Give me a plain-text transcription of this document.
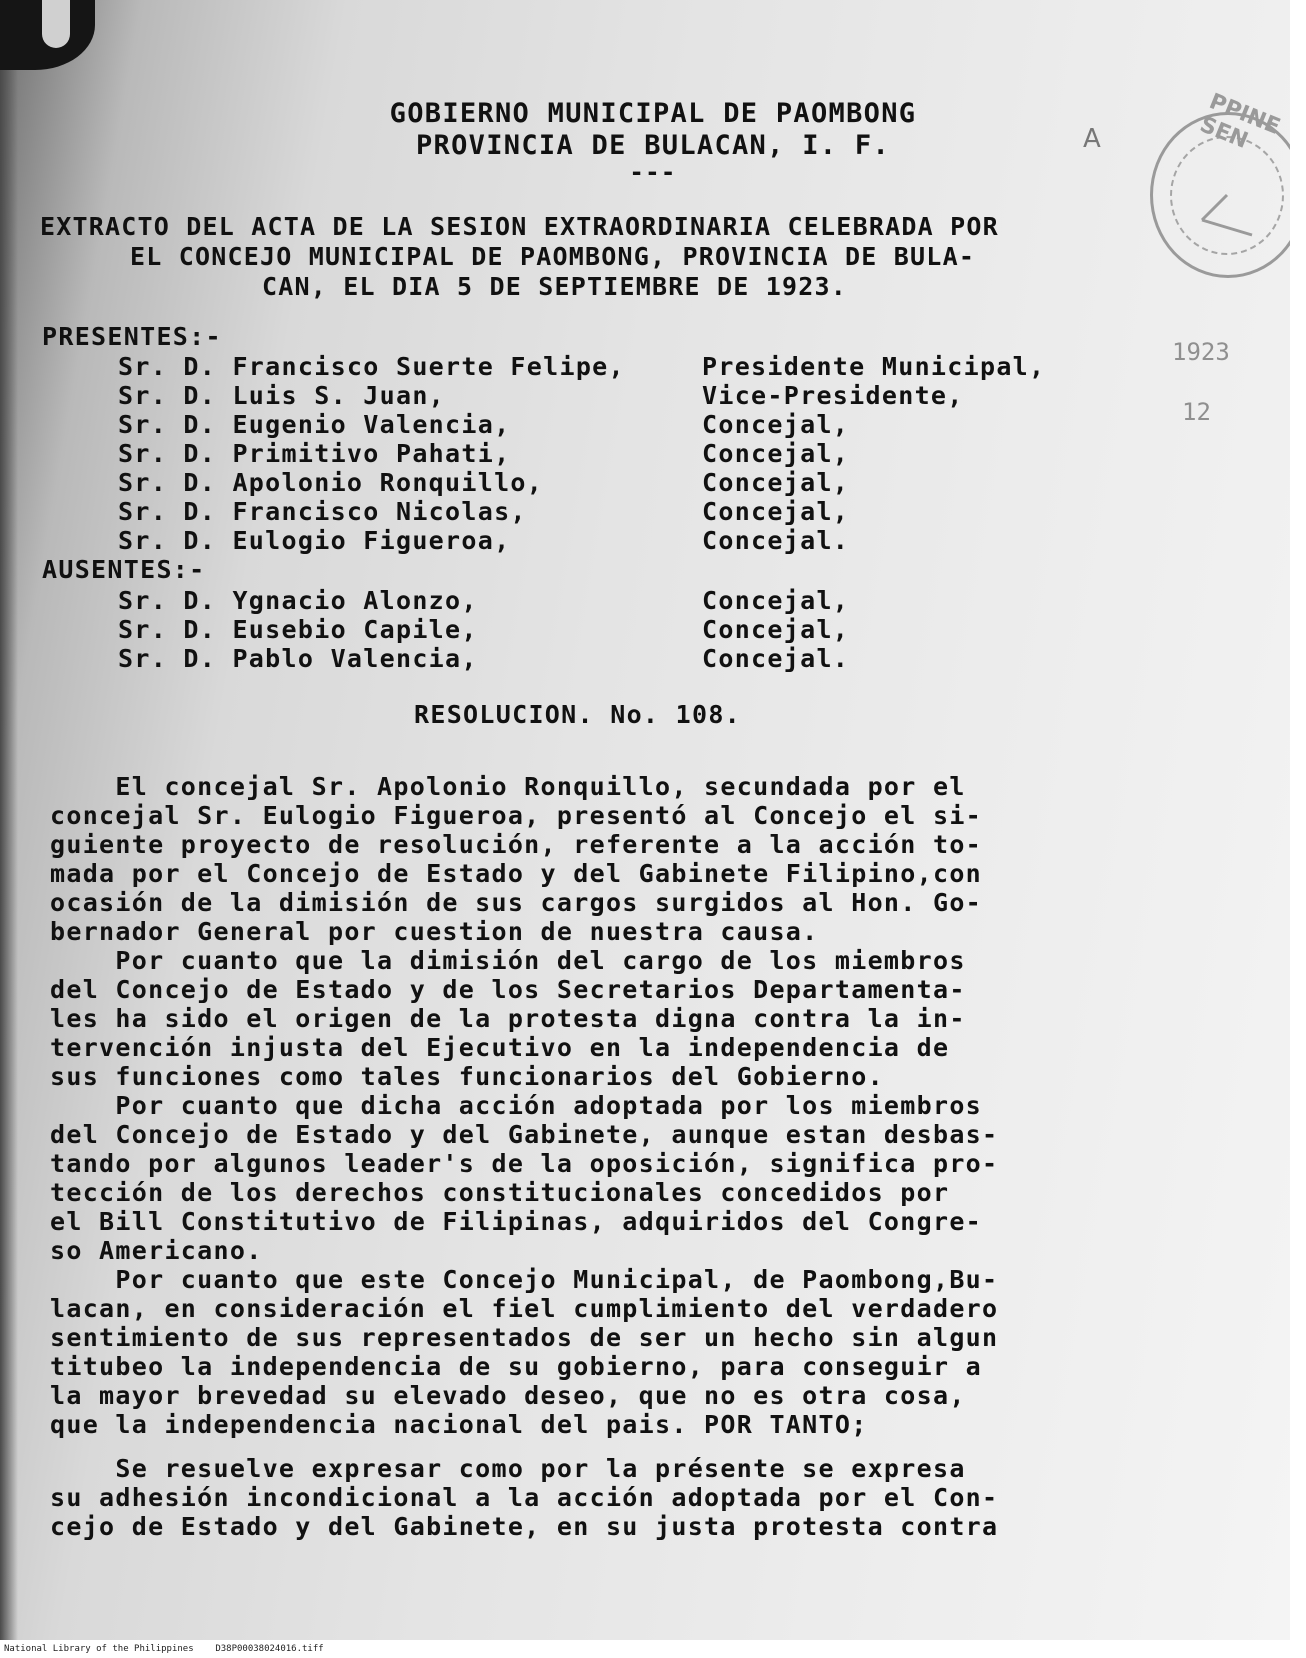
GOBIERNO MUNICIPAL DE PAOMBONG
PROVINCIA DE BULACAN, I. F.
---
EXTRACTO DEL ACTA DE LA SESION EXTRAORDINARIA CELEBRADA POR
EL CONCEJO MUNICIPAL DE PAOMBONG, PROVINCIA DE BULA-
CAN, EL DIA 5 DE SEPTIEMBRE DE 1923.
PRESENTES:-
Sr. D. Francisco Suerte Felipe,	Presidente Municipal,
Sr. D. Luis S. Juan,	Vice-Presidente,
Sr. D. Eugenio Valencia,	Concejal,
Sr. D. Primitivo Pahati,	Concejal,
Sr. D. Apolonio Ronquillo,	Concejal,
Sr. D. Francisco Nicolas,	Concejal,
Sr. D. Eulogio Figueroa,	Concejal.
AUSENTES:-
Sr. D. Ygnacio Alonzo,	Concejal,
Sr. D. Eusebio Capile,	Concejal,
Sr. D. Pablo Valencia,	Concejal.
RESOLUCION. No. 108.
El concejal Sr. Apolonio Ronquillo, secundada por el
concejal Sr. Eulogio Figueroa, presentó al Concejo el si-
guiente proyecto de resolución, referente a la acción to-
mada por el Concejo de Estado y del Gabinete Filipino,con
ocasión de la dimisión de sus cargos surgidos al Hon. Go-
bernador General por cuestion de nuestra causa.
Por cuanto que la dimisión del cargo de los miembros
del Concejo de Estado y de los Secretarios Departamenta-
les ha sido el origen de la protesta digna contra la in-
tervención injusta del Ejecutivo en la independencia de
sus funciones como tales funcionarios del Gobierno.
Por cuanto que dicha acción adoptada por los miembros
del Concejo de Estado y del Gabinete, aunque estan desbas-
tando por algunos leader's de la oposición, significa pro-
tección de los derechos constitucionales concedidos por
el Bill Constitutivo de Filipinas, adquiridos del Congre-
so Americano.
Por cuanto que este Concejo Municipal, de Paombong,Bu-
lacan, en consideración el fiel cumplimiento del verdadero
sentimiento de sus representados de ser un hecho sin algun
titubeo la independencia de su gobierno, para conseguir a
la mayor brevedad su elevado deseo, que no es otra cosa,
que la independencia nacional del pais. POR TANTO;
Se resuelve expresar como por la présente se expresa
su adhesión incondicional a la acción adoptada por el Con-
cejo de Estado y del Gabinete, en su justa protesta contra
A	PPINE SEN
1923
12
National Library of the Philippines    D38P00038024016.tiff
